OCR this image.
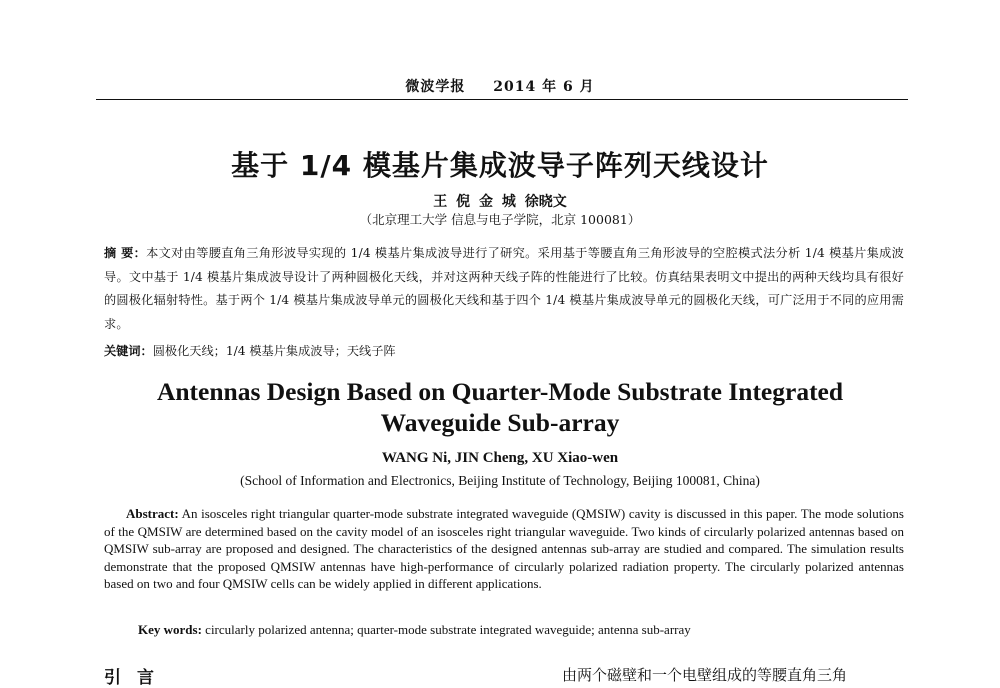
微波学报 2014 年 6 月
基于 1/4 模基片集成波导子阵列天线设计
王 倪 金 城 徐晓文
（北京理工大学 信息与电子学院，北京 100081）
摘 要：本文对由等腰直角三角形波导实现的 1/4 模基片集成波导进行了研究。采用基于等腰直角三角形波导的空腔模式法分析 1/4 模基片集成波导。文中基于 1/4 模基片集成波导设计了两种圆极化天线，并对这两种天线子阵的性能进行了比较。仿真结果表明文中提出的两种天线均具有很好的圆极化辐射特性。基于两个 1/4 模基片集成波导单元的圆极化天线和基于四个 1/4 模基片集成波导单元的圆极化天线，可广泛用于不同的应用需求。
关键词：圆极化天线；1/4 模基片集成波导；天线子阵
Antennas Design Based on Quarter-Mode Substrate Integrated
Waveguide Sub-array
WANG Ni, JIN Cheng, XU Xiao-wen
(School of Information and Electronics, Beijing Institute of Technology, Beijing 100081, China)
Abstract: An isosceles right triangular quarter-mode substrate integrated waveguide (QMSIW) cavity is discussed in this paper. The mode solutions of the QMSIW are determined based on the cavity model of an isosceles right triangular waveguide. Two kinds of circularly polarized antennas based on QMSIW sub-array are proposed and designed. The characteristics of the designed antennas sub-array are studied and compared. The simulation results demonstrate that the proposed QMSIW antennas have high-performance of circularly polarized radiation property. The circularly polarized antennas based on two and four QMSIW cells can be widely applied in different applications.
Key words: circularly polarized antenna; quarter-mode substrate integrated waveguide; antenna sub-array
引言	由两个磁壁和一个电壁组成的等腰直角三角
